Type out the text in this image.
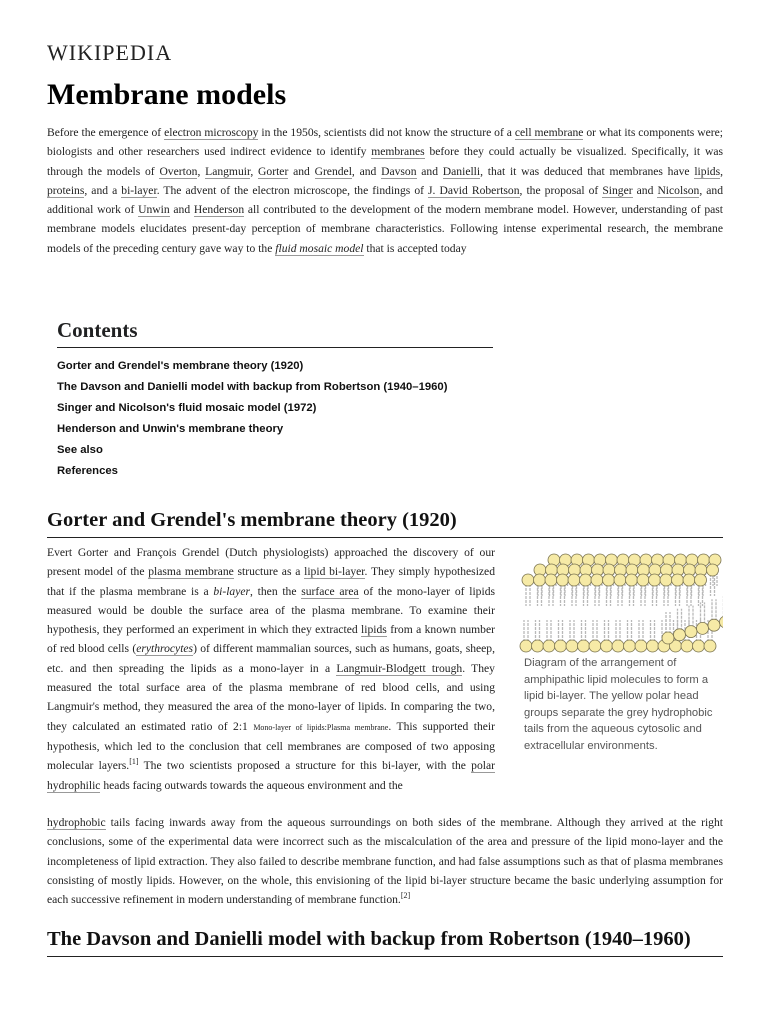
WIKIPEDIA
Membrane models

Before the emergence of electron microscopy in the 1950s, scientists did not know the structure of a cell membrane or what its components were; biologists and other researchers used indirect evidence to identify membranes before they could actually be visualized. Specifically, it was through the models of Overton, Langmuir, Gorter and Grendel, and Davson and Danielli, that it was deduced that membranes have lipids, proteins, and a bi-layer. The advent of the electron microscope, the findings of J. David Robertson, the proposal of Singer and Nicolson, and additional work of Unwin and Henderson all contributed to the development of the modern membrane model. However, understanding of past membrane models elucidates present-day perception of membrane characteristics. Following intense experimental research, the membrane models of the preceding century gave way to the fluid mosaic model that is accepted today

Contents
Gorter and Grendel's membrane theory (1920)
The Davson and Danielli model with backup from Robertson (1940–1960)
Singer and Nicolson's fluid mosaic model (1972)
Henderson and Unwin's membrane theory
See also
References
Gorter and Grendel's membrane theory (1920)

Evert Gorter and François Grendel (Dutch physiologists) approached the discovery of our present model of the plasma membrane structure as a lipid bi-layer. They simply hypothesized that if the plasma membrane is a bi-layer, then the surface area of the mono-layer of lipids measured would be double the surface area of the plasma membrane. To examine their hypothesis, they performed an experiment in which they extracted lipids from a known number of red blood cells (erythrocytes) of different mammalian sources, such as humans, goats, sheep, etc. and then spreading the lipids as a mono-layer in a Langmuir-Blodgett trough. They measured the total surface area of the plasma membrane of red blood cells, and using Langmuir's method, they measured the area of the mono-layer of lipids. In comparing the two, they calculated an estimated ratio of 2:1 Mono-layer of lipids:Plasma membrane. This supported their hypothesis, which led to the conclusion that cell membranes are composed of two apposing molecular layers.[1] The two scientists proposed a structure for this bi-layer, with the polar hydrophilic heads facing outwards towards the aqueous environment and the

Diagram of the arrangement of amphipathic lipid molecules to form a lipid bi-layer. The yellow polar head groups separate the grey hydrophobic tails from the aqueous cytosolic and extracellular environments.

hydrophobic tails facing inwards away from the aqueous surroundings on both sides of the membrane. Although they arrived at the right conclusions, some of the experimental data were incorrect such as the miscalculation of the area and pressure of the lipid mono-layer and the incompleteness of lipid extraction. They also failed to describe membrane function, and had false assumptions such as that of plasma membranes consisting of mostly lipids. However, on the whole, this envisioning of the lipid bi-layer structure became the basic underlying assumption for each successive refinement in modern understanding of membrane function.[2]

The Davson and Danielli model with backup from Robertson (1940–1960)
